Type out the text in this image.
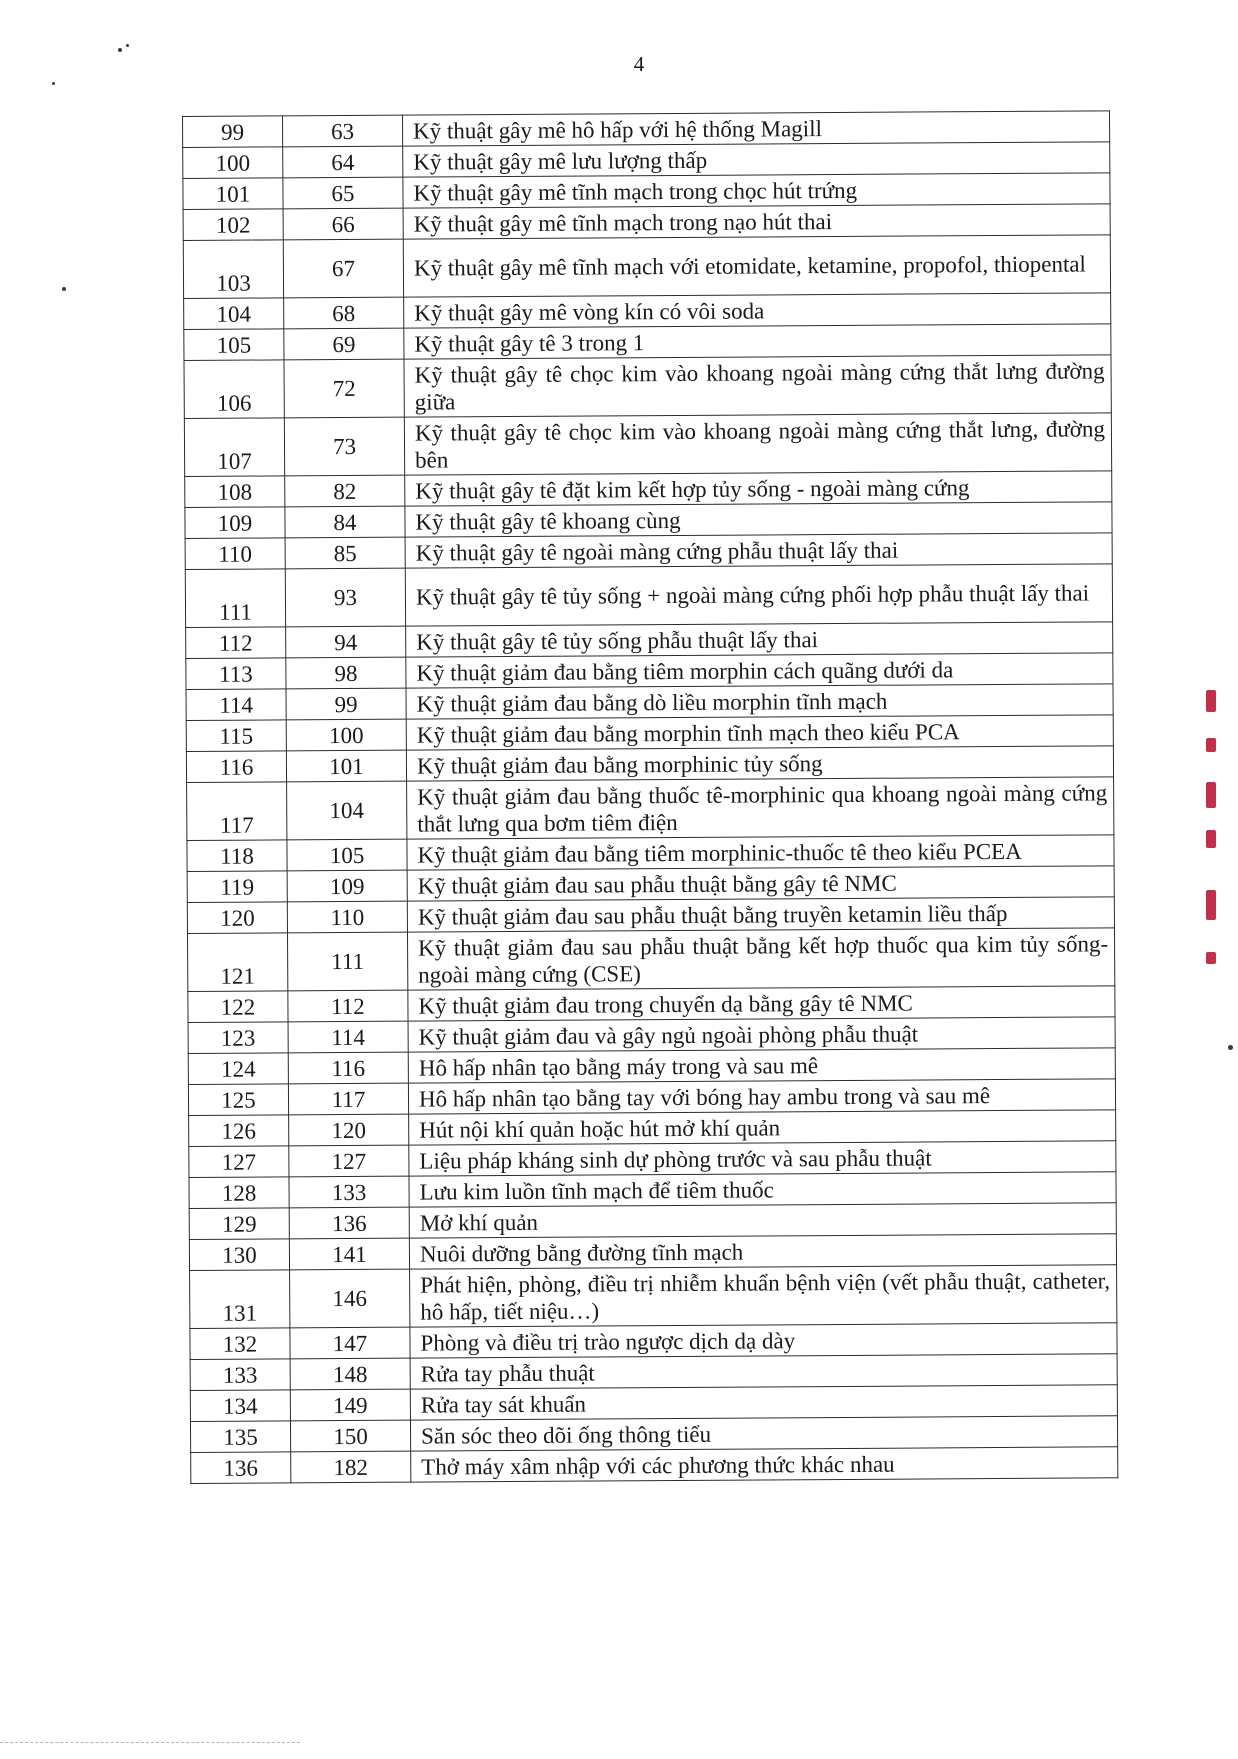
4
99	63	Kỹ thuật gây mê hô hấp với hệ thống Magill
100	64	Kỹ thuật gây mê lưu lượng thấp
101	65	Kỹ thuật gây mê tĩnh mạch trong chọc hút trứng
102	66	Kỹ thuật gây mê tĩnh mạch trong nạo hút thai
103	67	Kỹ thuật gây mê tĩnh mạch với etomidate, ketamine, propofol, thiopental
104	68	Kỹ thuật gây mê vòng kín có vôi soda
105	69	Kỹ thuật gây tê 3 trong 1
106	72	Kỹ thuật gây tê chọc kim vào khoang ngoài màng cứng thắt lưng đường giữa
107	73	Kỹ thuật gây tê chọc kim vào khoang ngoài màng cứng thắt lưng, đường bên
108	82	Kỹ thuật gây tê đặt kim kết hợp tủy sống - ngoài màng cứng
109	84	Kỹ thuật gây tê khoang cùng
110	85	Kỹ thuật gây tê ngoài màng cứng phẫu thuật lấy thai
111	93	Kỹ thuật gây tê tủy sống + ngoài màng cứng phối hợp phẫu thuật lấy thai
112	94	Kỹ thuật gây tê tủy sống phẫu thuật lấy thai
113	98	Kỹ thuật giảm đau bằng tiêm morphin cách quãng dưới da
114	99	Kỹ thuật giảm đau bằng dò liều morphin tĩnh mạch
115	100	Kỹ thuật giảm đau bằng morphin tĩnh mạch theo kiểu PCA
116	101	Kỹ thuật giảm đau bằng morphinic tủy sống
117	104	Kỹ thuật giảm đau bằng thuốc tê-morphinic qua khoang ngoài màng cứng thắt lưng qua bơm tiêm điện
118	105	Kỹ thuật giảm đau bằng tiêm morphinic-thuốc tê theo kiểu PCEA
119	109	Kỹ thuật giảm đau sau phẫu thuật bằng gây tê NMC
120	110	Kỹ thuật giảm đau sau phẫu thuật bằng truyền ketamin liều thấp
121	111	Kỹ thuật giảm đau sau phẫu thuật bằng kết hợp thuốc qua kim tủy sống-ngoài màng cứng (CSE)
122	112	Kỹ thuật giảm đau trong chuyển dạ bằng gây tê NMC
123	114	Kỹ thuật giảm đau và gây ngủ ngoài phòng phẫu thuật
124	116	Hô hấp nhân tạo bằng máy trong và sau mê
125	117	Hô hấp nhân tạo bằng tay với bóng hay ambu trong và sau mê
126	120	Hút nội khí quản hoặc hút mở khí quản
127	127	Liệu pháp kháng sinh dự phòng trước và sau phẫu thuật
128	133	Lưu kim luồn tĩnh mạch để tiêm thuốc
129	136	Mở khí quản
130	141	Nuôi dưỡng bằng đường tĩnh mạch
131	146	Phát hiện, phòng, điều trị nhiễm khuẩn bệnh viện (vết phẫu thuật, catheter, hô hấp, tiết niệu…)
132	147	Phòng và điều trị trào ngược dịch dạ dày
133	148	Rửa tay phẫu thuật
134	149	Rửa tay sát khuẩn
135	150	Săn sóc theo dõi ống thông tiểu
136	182	Thở máy xâm nhập với các phương thức khác nhau
